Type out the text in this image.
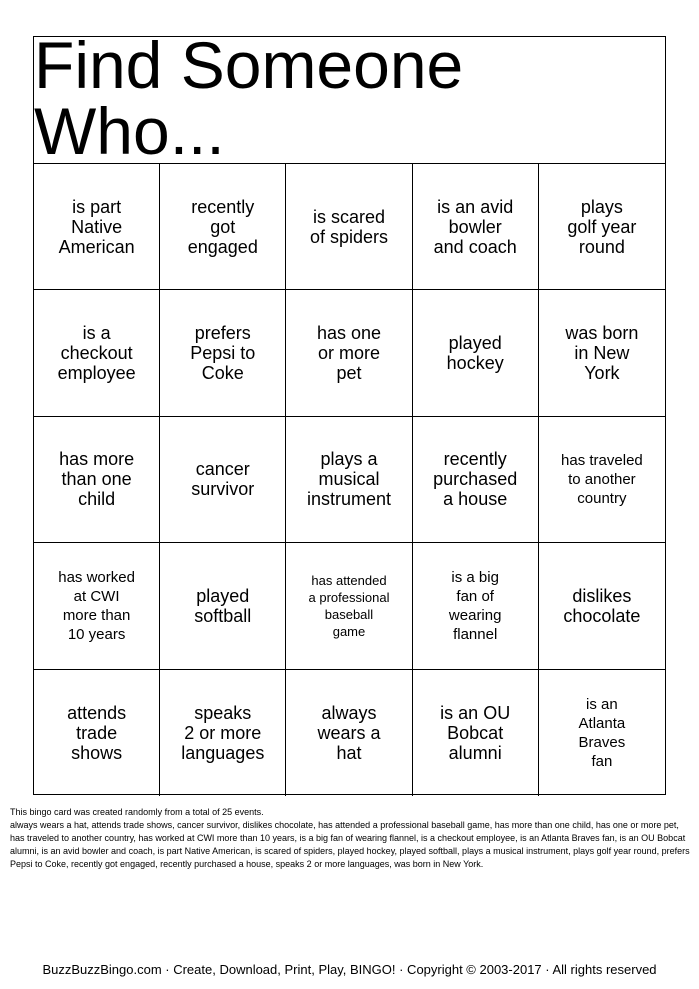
Find Someone Who...
is part
Native
American
recently
got
engaged
is scared
of spiders
is an avid
bowler
and coach
plays
golf year
round
is a
checkout
employee
prefers
Pepsi to
Coke
has one
or more
pet
played
hockey
was born
in New
York
has more
than one
child
cancer
survivor
plays a
musical
instrument
recently
purchased
a house
has traveled
to another
country
has worked
at CWI
more than
10 years
played
softball
has attended
a professional
baseball
game
is a big
fan of
wearing
flannel
dislikes
chocolate
attends
trade
shows
speaks
2 or more
languages
always
wears a
hat
is an OU
Bobcat
alumni
is an
Atlanta
Braves
fan

This bingo card was created randomly from a total of 25 events.

always wears a hat, attends trade shows, cancer survivor, dislikes chocolate, has attended a professional baseball game, has more than one child, has one or more pet, has traveled to another country, has worked at CWI more than 10 years, is a big fan of wearing flannel, is a checkout employee, is an Atlanta Braves fan, is an OU Bobcat alumni, is an avid bowler and coach, is part Native American, is scared of spiders, played hockey, played softball, plays a musical instrument, plays golf year round, prefers Pepsi to Coke, recently got engaged, recently purchased a house, speaks 2 or more languages, was born in New York.

BuzzBuzzBingo.com · Create, Download, Print, Play, BINGO! · Copyright © 2003-2017 · All rights reserved
